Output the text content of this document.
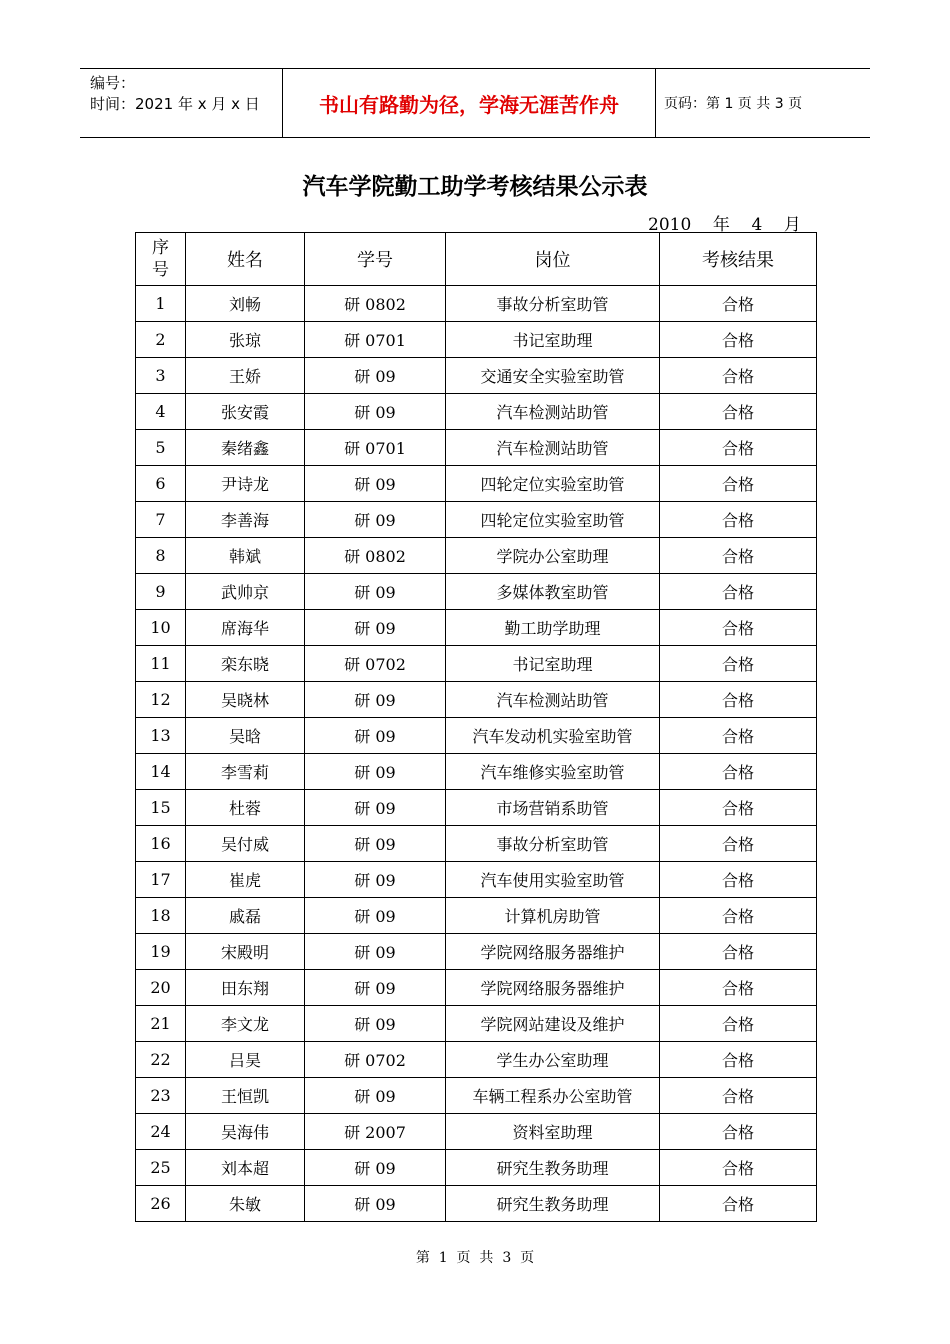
编号：
时间：2021 年 x 月 x 日	书山有路勤为径，学海无涯苦作舟	页码：第 1 页 共 3 页
汽车学院勤工助学考核结果公示表
2010    年    4    月
序
号	姓名	学号	岗位	考核结果
1	刘畅	研 0802	事故分析室助管	合格
2	张琼	研 0701	书记室助理	合格
3	王娇	研 09	交通安全实验室助管	合格
4	张安霞	研 09	汽车检测站助管	合格
5	秦绪鑫	研 0701	汽车检测站助管	合格
6	尹诗龙	研 09	四轮定位实验室助管	合格
7	李善海	研 09	四轮定位实验室助管	合格
8	韩斌	研 0802	学院办公室助理	合格
9	武帅京	研 09	多媒体教室助管	合格
10	席海华	研 09	勤工助学助理	合格
11	栾东晓	研 0702	书记室助理	合格
12	吴晓林	研 09	汽车检测站助管	合格
13	吴晗	研 09	汽车发动机实验室助管	合格
14	李雪莉	研 09	汽车维修实验室助管	合格
15	杜蓉	研 09	市场营销系助管	合格
16	吴付威	研 09	事故分析室助管	合格
17	崔虎	研 09	汽车使用实验室助管	合格
18	戚磊	研 09	计算机房助管	合格
19	宋殿明	研 09	学院网络服务器维护	合格
20	田东翔	研 09	学院网络服务器维护	合格
21	李文龙	研 09	学院网站建设及维护	合格
22	吕昊	研 0702	学生办公室助理	合格
23	王恒凯	研 09	车辆工程系办公室助管	合格
24	吴海伟	研 2007	资料室助理	合格
25	刘本超	研 09	研究生教务助理	合格
26	朱敏	研 09	研究生教务助理	合格
第  1  页  共  3  页
